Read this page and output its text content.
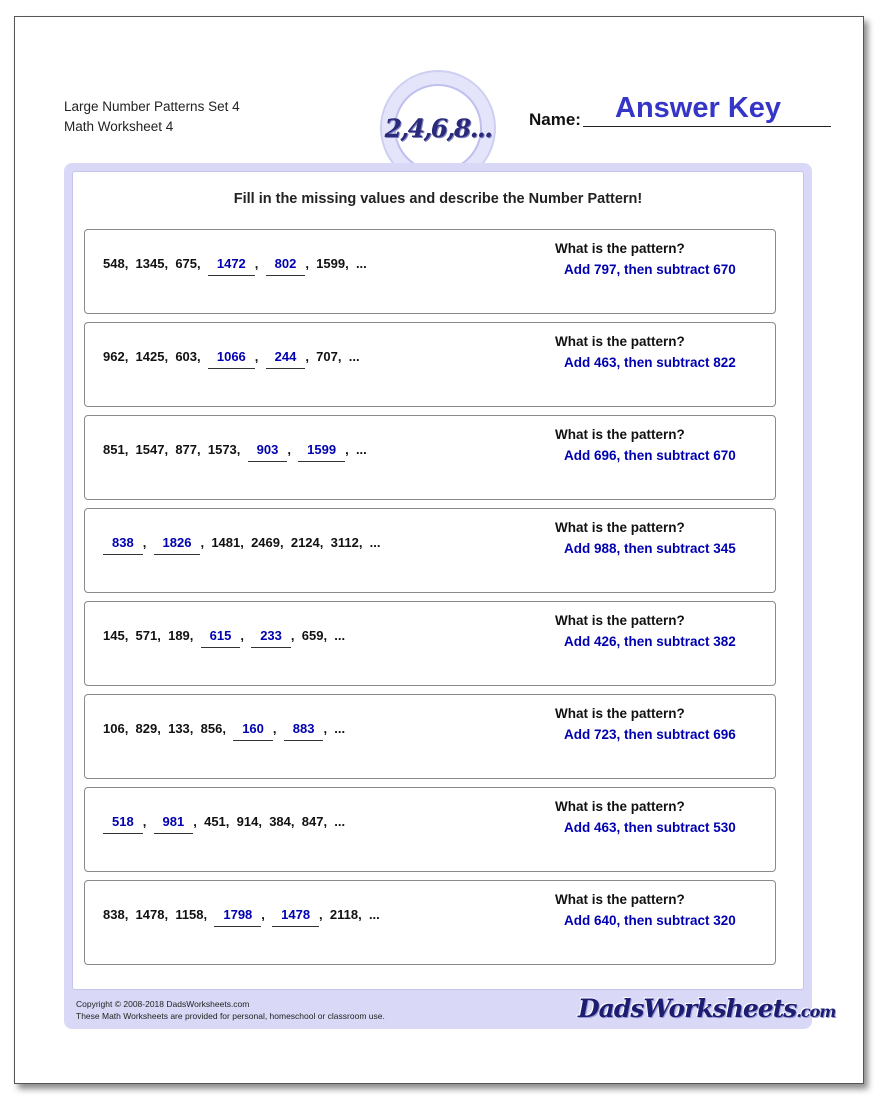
Large Number Patterns Set 4
Math Worksheet 4	2,4,6,8... Name: Answer Key
Fill in the missing values and describe the Number Pattern!
548 , 1345 , 675 , 1472 , 802 , 1599 , ...
What is the pattern?
Add 797, then subtract 670
962 , 1425 , 603 , 1066 , 244 , 707 , ...
What is the pattern?
Add 463, then subtract 822
851 , 1547 , 877 , 1573 , 903 , 1599 , ...
What is the pattern?
Add 696, then subtract 670
838 , 1826 , 1481 , 2469 , 2124 , 3112 , ...
What is the pattern?
Add 988, then subtract 345
145 , 571 , 189 , 615 , 233 , 659 , ...
What is the pattern?
Add 426, then subtract 382
106 , 829 , 133 , 856 , 160 , 883 , ...
What is the pattern?
Add 723, then subtract 696
518 , 981 , 451 , 914 , 384 , 847 , ...
What is the pattern?
Add 463, then subtract 530
838 , 1478 , 1158 , 1798 , 1478 , 2118 , ...
What is the pattern?
Add 640, then subtract 320
Copyright © 2008-2018 DadsWorksheets.com
These Math Worksheets are provided for personal, homeschool or classroom use.	DadsWorksheets.com
